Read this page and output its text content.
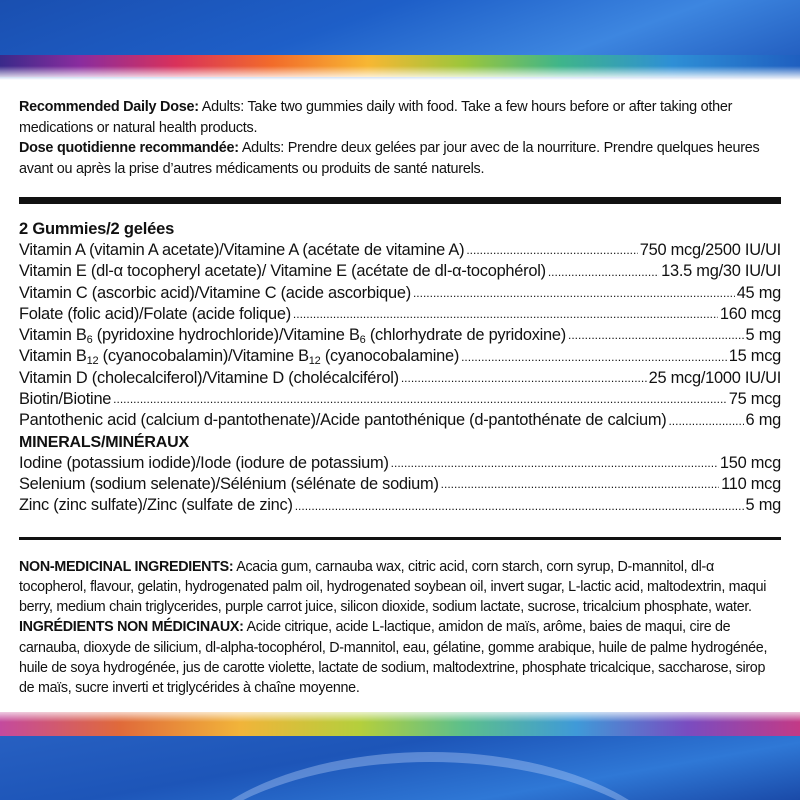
Recommended Daily Dose: Adults: Take two gummies daily with food. Take a few hours before or after taking other medications or natural health products.

Dose quotidienne recommandée: Adults: Prendre deux gelées par jour avec de la nourriture. Prendre quelques heures avant ou après la prise d’autres médicaments ou produits de santé naturels.

2 Gummies/2 gelées
Vitamin A (vitamin A acetate)/Vitamine A (acétate de vitamine A) .....	750 mcg/2500 IU/UI
Vitamin E (dl-α tocopheryl acetate)/ Vitamine E (acétate de dl-α-tocophérol) .....	13.5 mg/30 IU/UI
Vitamin C (ascorbic acid)/Vitamine C (acide ascorbique) .....	45 mg
Folate (folic acid)/Folate (acide folique) .....	160 mcg
Vitamin $B_6$ (pyridoxine hydrochloride)/Vitamine $B_6$ (chlorhydrate de pyridoxine) .....	5 mg
Vitamin $B_{12}$ (cyanocobalamin)/Vitamine $B_{12}$ (cyanocobalamine) .....	15 mcg
Vitamin D (cholecalciferol)/Vitamine D (cholécalciférol) .....	25 mcg/1000 IU/UI
Biotin/Biotine .....	75 mcg
Pantothenic acid (calcium d-pantothenate)/Acide pantothénique (d-pantothénate de calcium) .....	6 mg
MINERALS/MINÉRAUX
Iodine (potassium iodide)/Iode (iodure de potassium) .....	150 mcg
Selenium (sodium selenate)/Sélénium (sélénate de sodium) .....	110 mcg
Zinc (zinc sulfate)/Zinc (sulfate de zinc) .....	5 mg

NON-MEDICINAL INGREDIENTS: Acacia gum, carnauba wax, citric acid, corn starch, corn syrup, D-mannitol, dl-α tocopherol, flavour, gelatin, hydrogenated palm oil, hydrogenated soybean oil, invert sugar, L-lactic acid, maltodextrin, maqui berry, medium chain triglycerides, purple carrot juice, silicon dioxide, sodium lactate, sucrose, tricalcium phosphate, water.

INGRÉDIENTS NON MÉDICINAUX: Acide citrique, acide L-lactique, amidon de maïs, arôme, baies de maqui, cire de carnauba, dioxyde de silicium, dl-alpha-tocophérol, D-mannitol, eau, gélatine, gomme arabique, huile de palme hydrogénée, huile de soya hydrogénée, jus de carotte violette, lactate de sodium, maltodextrine, phosphate tricalcique, saccharose, sirop de maïs, sucre inverti et triglycérides à chaîne moyenne.
